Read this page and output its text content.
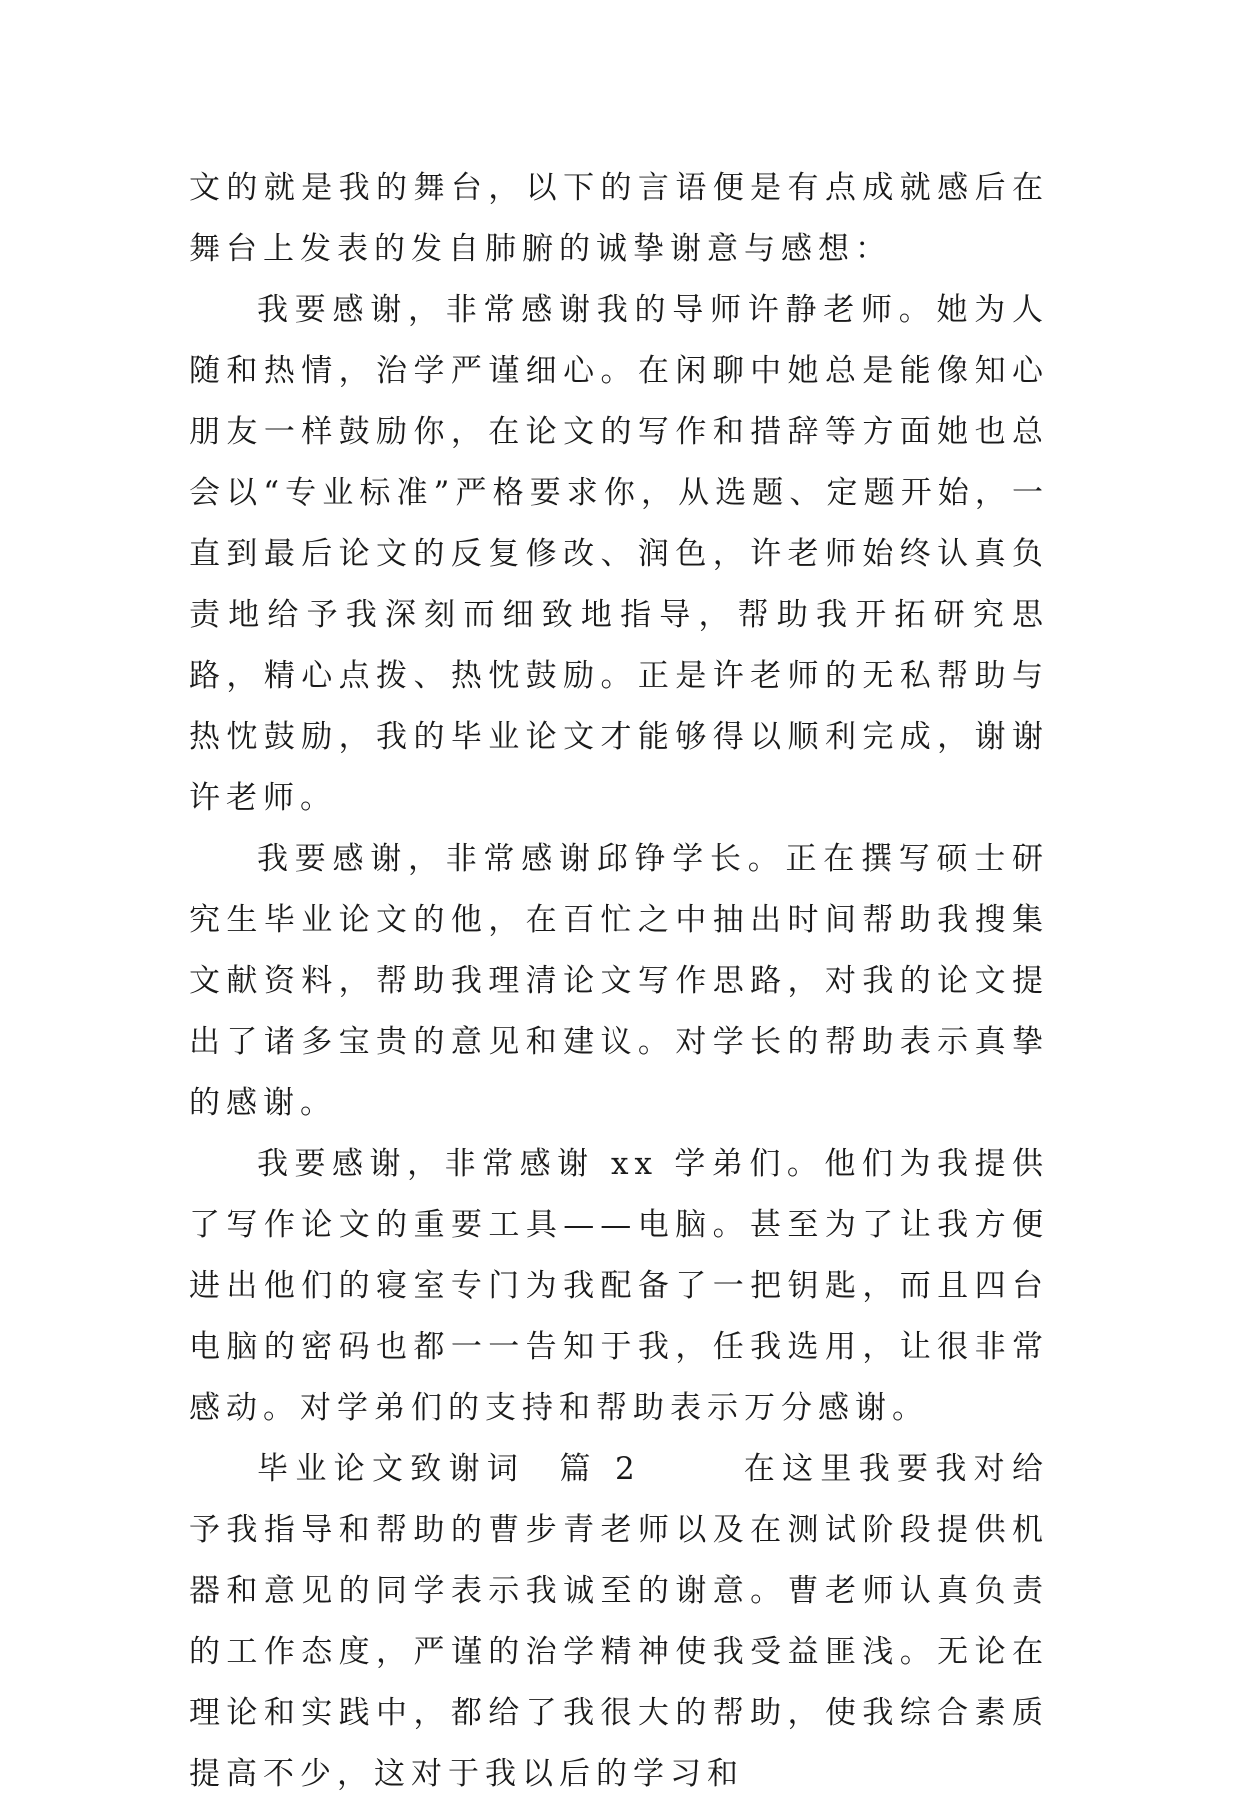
文的就是我的舞台，以下的言语便是有点成就感后在舞台上发表的发自肺腑的诚挚谢意与感想：

我要感谢，非常感谢我的导师许静老师。她为人随和热情，治学严谨细心。在闲聊中她总是能像知心朋友一样鼓励你，在论文的写作和措辞等方面她也总会以“专业标准”严格要求你，从选题、定题开始，一直到最后论文的反复修改、润色，许老师始终认真负责地给予我深刻而细致地指导，帮助我开拓研究思路，精心点拨、热忱鼓励。正是许老师的无私帮助与热忱鼓励，我的毕业论文才能够得以顺利完成，谢谢许老师。

我要感谢，非常感谢邱铮学长。正在撰写硕士研究生毕业论文的他，在百忙之中抽出时间帮助我搜集文献资料，帮助我理清论文写作思路，对我的论文提出了诸多宝贵的意见和建议。对学长的帮助表示真挚的感谢。

我要感谢，非常感谢 xx 学弟们。他们为我提供了写作论文的重要工具——电脑。甚至为了让我方便进出他们的寝室专门为我配备了一把钥匙，而且四台电脑的密码也都一一告知于我，任我选用，让很非常感动。对学弟们的支持和帮助表示万分感谢。

毕业论文致谢词  篇 2      在这里我要我对给予我指导和帮助的曹步青老师以及在测试阶段提供机器和意见的同学表示我诚至的谢意。曹老师认真负责的工作态度，严谨的治学精神使我受益匪浅。无论在理论和实践中，都给了我很大的帮助，使我综合素质提高不少，这对于我以后的学习和
